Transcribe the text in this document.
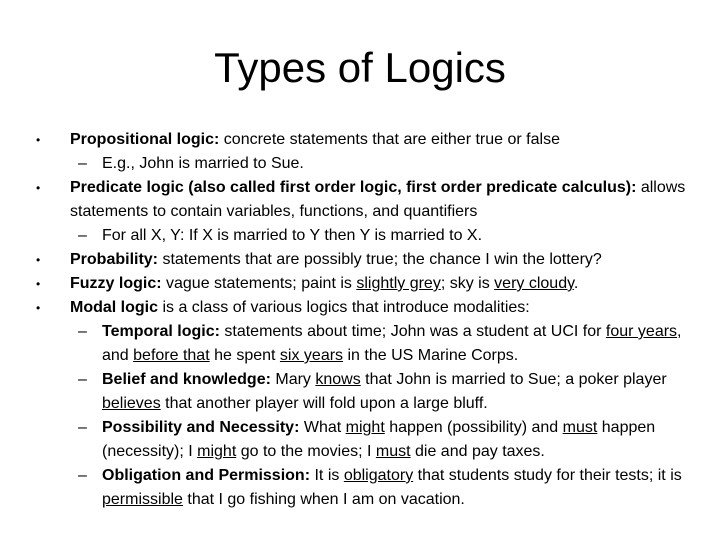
Types of Logics
•	Propositional logic: concrete statements that are either true or false
– E.g., John is married to Sue.
•	Predicate logic (also called first order logic, first order predicate calculus): allows statements to contain variables, functions, and quantifiers
– For all X, Y: If X is married to Y then Y is married to X.
•	Probability: statements that are possibly true; the chance I win the lottery?
•	Fuzzy logic: vague statements; paint is slightly grey; sky is very cloudy.
•	Modal logic is a class of various logics that introduce modalities:
– Temporal logic: statements about time; John was a student at UCI for four years, and before that he spent six years in the US Marine Corps.
– Belief and knowledge: Mary knows that John is married to Sue; a poker player believes that another player will fold upon a large bluff.
– Possibility and Necessity: What might happen (possibility) and must happen (necessity); I might go to the movies; I must die and pay taxes.
– Obligation and Permission: It is obligatory that students study for their tests; it is permissible that I go fishing when I am on vacation.
